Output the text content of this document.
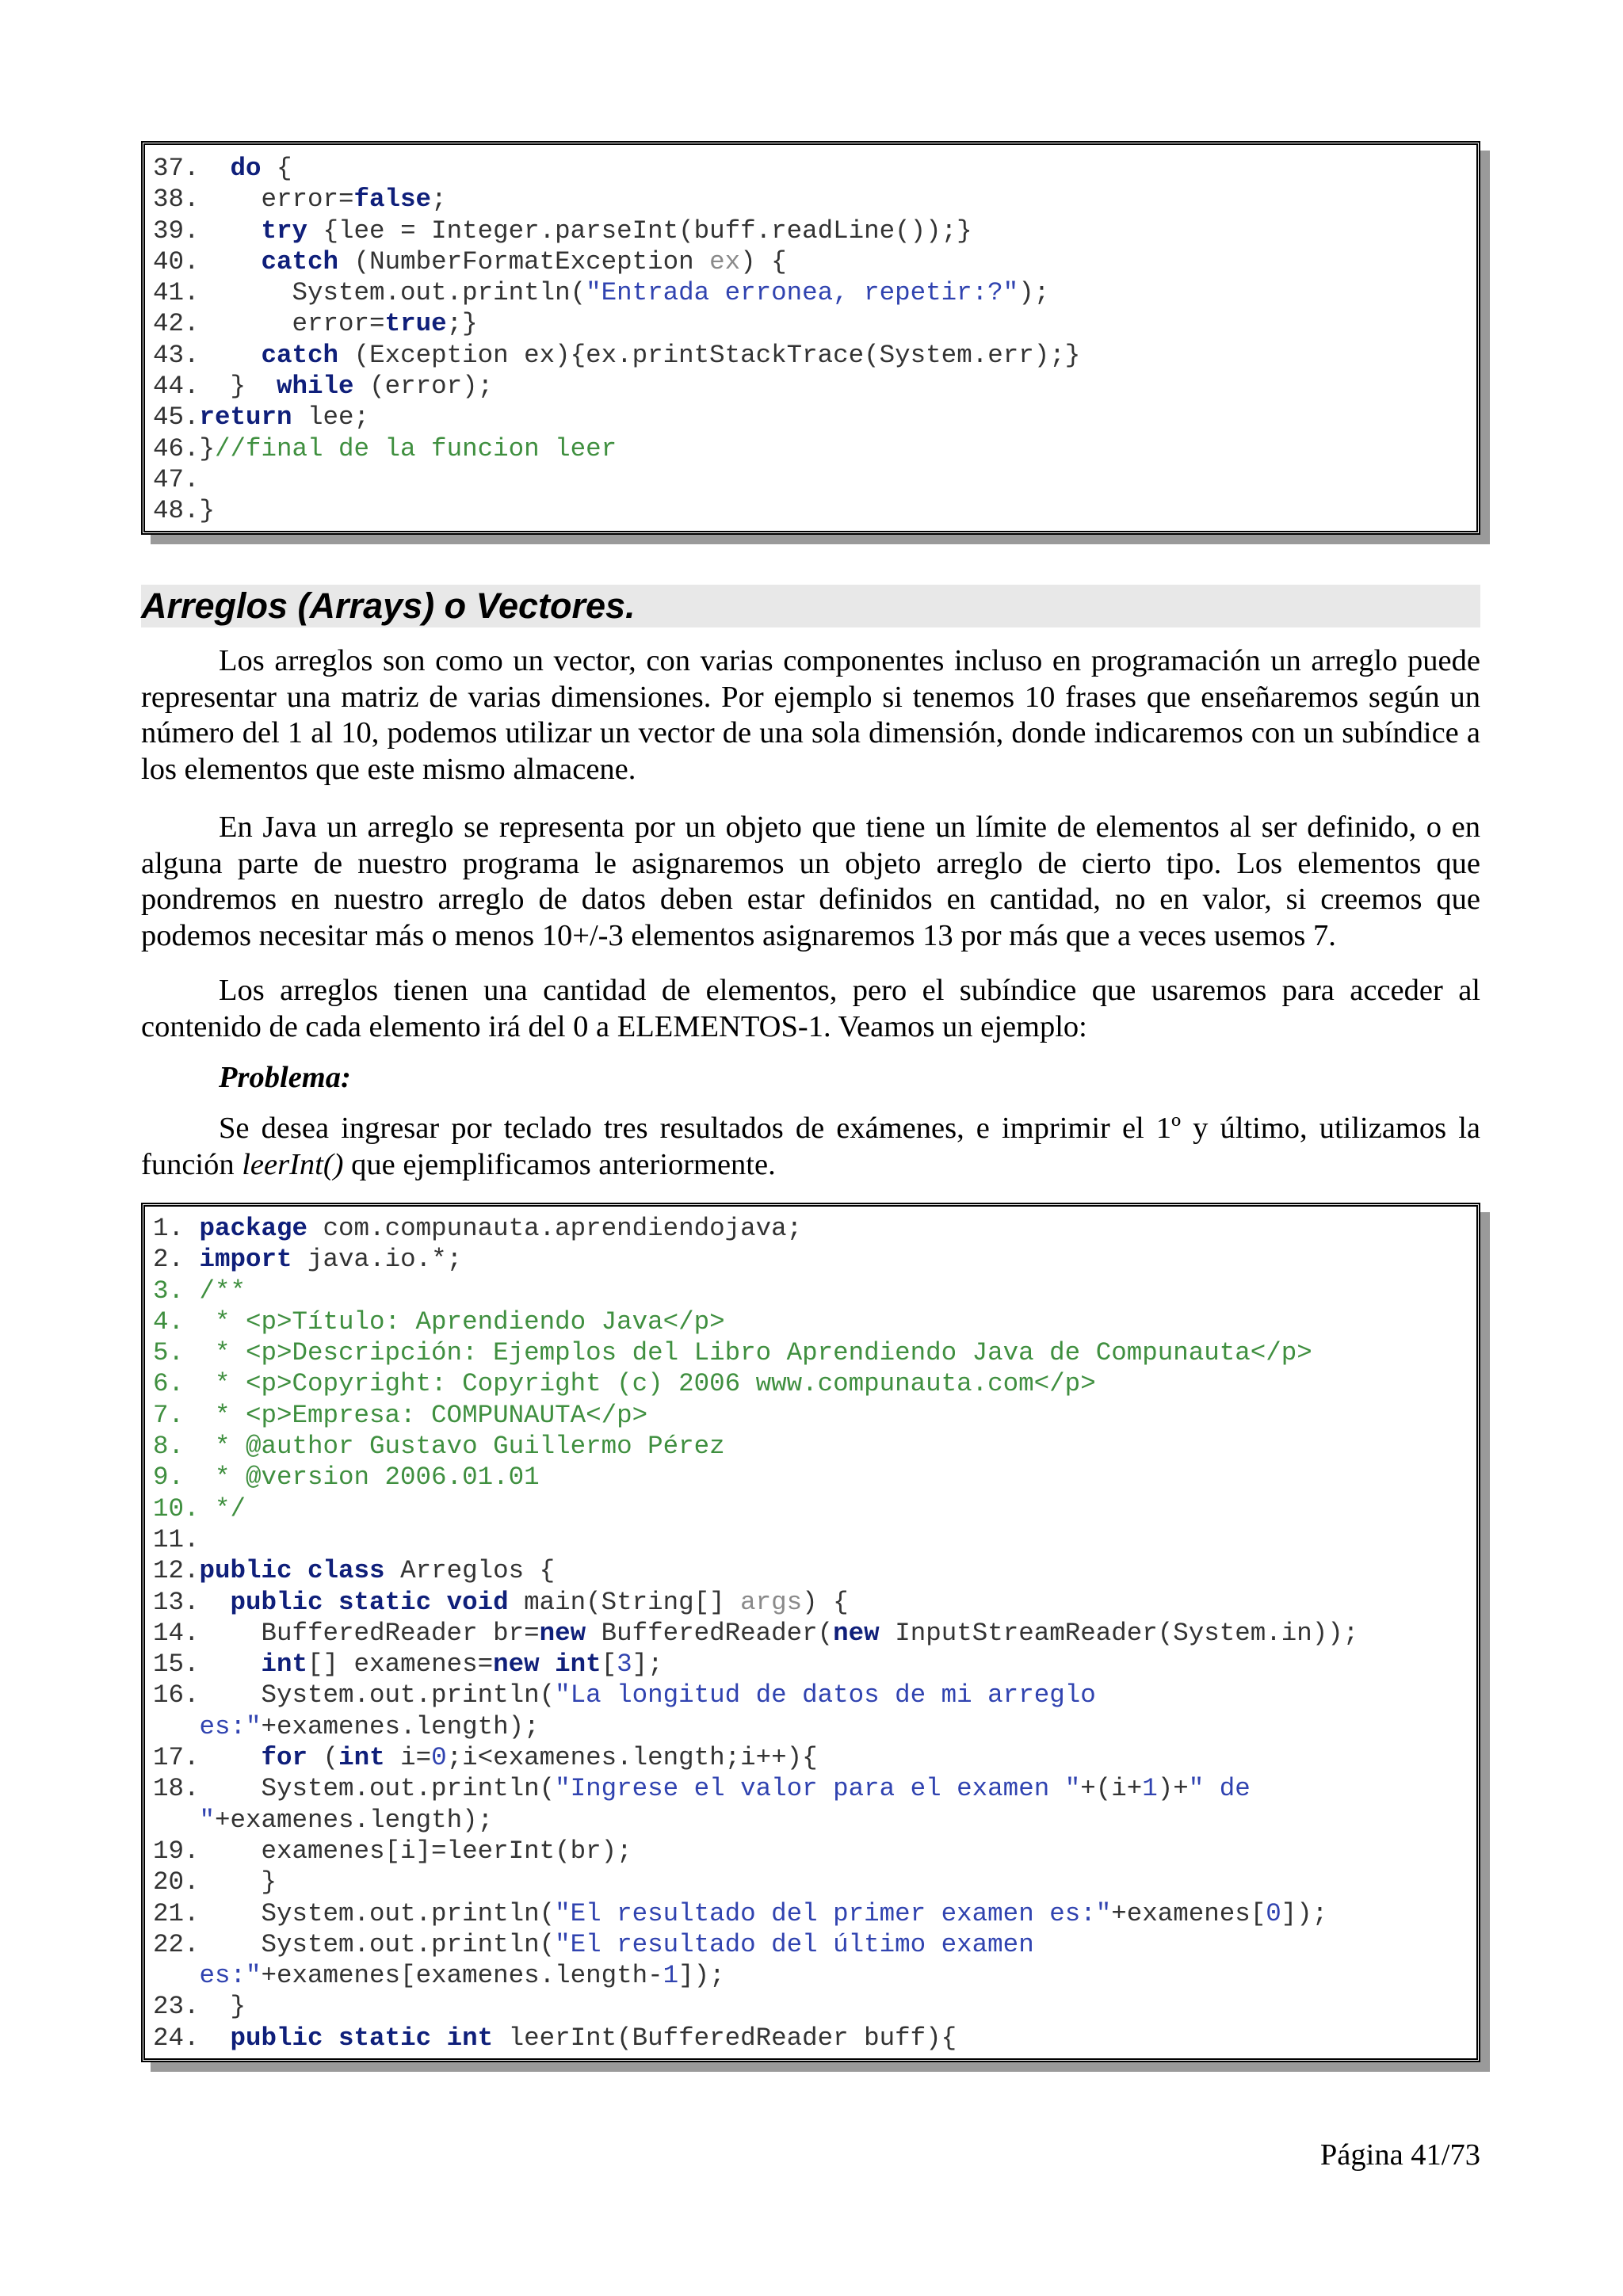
37.  do {
38.    error=false;
39.    try {lee = Integer.parseInt(buff.readLine());}
40.    catch (NumberFormatException ex) {
41.      System.out.println("Entrada erronea, repetir:?");
42.      error=true;}
43.    catch (Exception ex){ex.printStackTrace(System.err);}
44.  }  while (error);
45.return lee;
46.}//final de la funcion leer
47.
48.}
Arreglos (Arrays) o Vectores.
Los arreglos son como un vector, con varias componentes incluso en programación un arreglo puede representar una matriz de varias dimensiones. Por ejemplo si tenemos 10 frases que enseñaremos según un número del 1 al 10, podemos utilizar un vector de una sola dimensión, donde indicaremos con un subíndice a los elementos que este mismo almacene.
En Java un arreglo se representa por un objeto que tiene un límite de elementos al ser definido, o en alguna parte de nuestro programa le asignaremos un objeto arreglo de cierto tipo. Los elementos que pondremos en nuestro arreglo de datos deben estar definidos en cantidad, no en valor, si creemos que podemos necesitar más o menos 10+/-3 elementos asignaremos 13 por más que a veces usemos 7.
Los arreglos tienen una cantidad de elementos, pero el subíndice que usaremos para acceder al contenido de cada elemento irá del 0 a ELEMENTOS-1. Veamos un ejemplo:
Problema:
Se desea ingresar por teclado tres resultados de exámenes, e imprimir el 1º y último, utilizamos la función leerInt() que ejemplificamos anteriormente.
1. package com.compunauta.aprendiendojava;
2. import java.io.*;
3. /**
4.  * <p>Título: Aprendiendo Java</p>
5.  * <p>Descripción: Ejemplos del Libro Aprendiendo Java de Compunauta</p>
6.  * <p>Copyright: Copyright (c) 2006 www.compunauta.com</p>
7.  * <p>Empresa: COMPUNAUTA</p>
8.  * @author Gustavo Guillermo Pérez
9.  * @version 2006.01.01
10. */
11.
12.public class Arreglos {
13.  public static void main(String[] args) {
14.    BufferedReader br=new BufferedReader(new InputStreamReader(System.in));
15.    int[] examenes=new int[3];
16.    System.out.println("La longitud de datos de mi arreglo
es:"+examenes.length);
17.    for (int i=0;i<examenes.length;i++){
18.    System.out.println("Ingrese el valor para el examen "+(i+1)+" de
"+examenes.length);
19.    examenes[i]=leerInt(br);
20.    }
21.    System.out.println("El resultado del primer examen es:"+examenes[0]);
22.    System.out.println("El resultado del último examen
es:"+examenes[examenes.length-1]);
23.  }
24.  public static int leerInt(BufferedReader buff){
Página 41/73
